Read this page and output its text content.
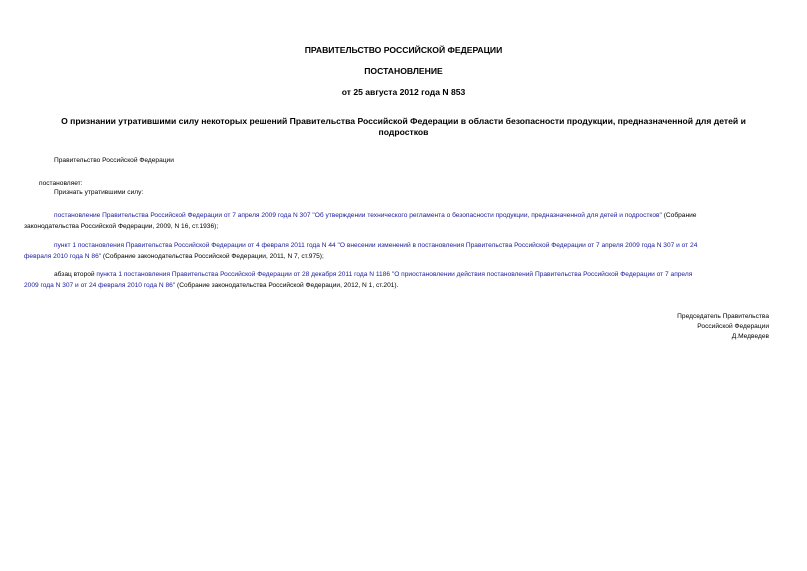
ПРАВИТЕЛЬСТВО РОССИЙСКОЙ ФЕДЕРАЦИИ
ПОСТАНОВЛЕНИЕ
от 25 августа 2012 года N 853
О признании утратившими силу некоторых решений Правительства Российской Федерации в области безопасности продукции, предназначенной для детей и подростков
Правительство Российской Федерации
постановляет:
Признать утратившими силу:
постановление Правительства Российской Федерации от 7 апреля 2009 года N 307 "Об утверждении технического регламента о безопасности продукции, предназначенной для детей и подростков" (Собрание
законодательства Российской Федерации, 2009, N 16, ст.1936);
пункт 1 постановления Правительства Российской Федерации от 4 февраля 2011 года N 44 "О внесении изменений в постановления Правительства Российской Федерации от 7 апреля 2009 года N 307 и от 24
февраля 2010 года N 86" (Собрание законодательства Российской Федерации, 2011, N 7, ст.975);
абзац второй пункта 1 постановления Правительства Российской Федерации от 28 декабря 2011 года N 1186 "О приостановлении действия постановлений Правительства Российской Федерации от 7 апреля
2009 года N 307 и от 24 февраля 2010 года N 86" (Собрание законодательства Российской Федерации, 2012, N 1, ст.201).
Председатель Правительства
Российской Федерации
Д.Медведев
